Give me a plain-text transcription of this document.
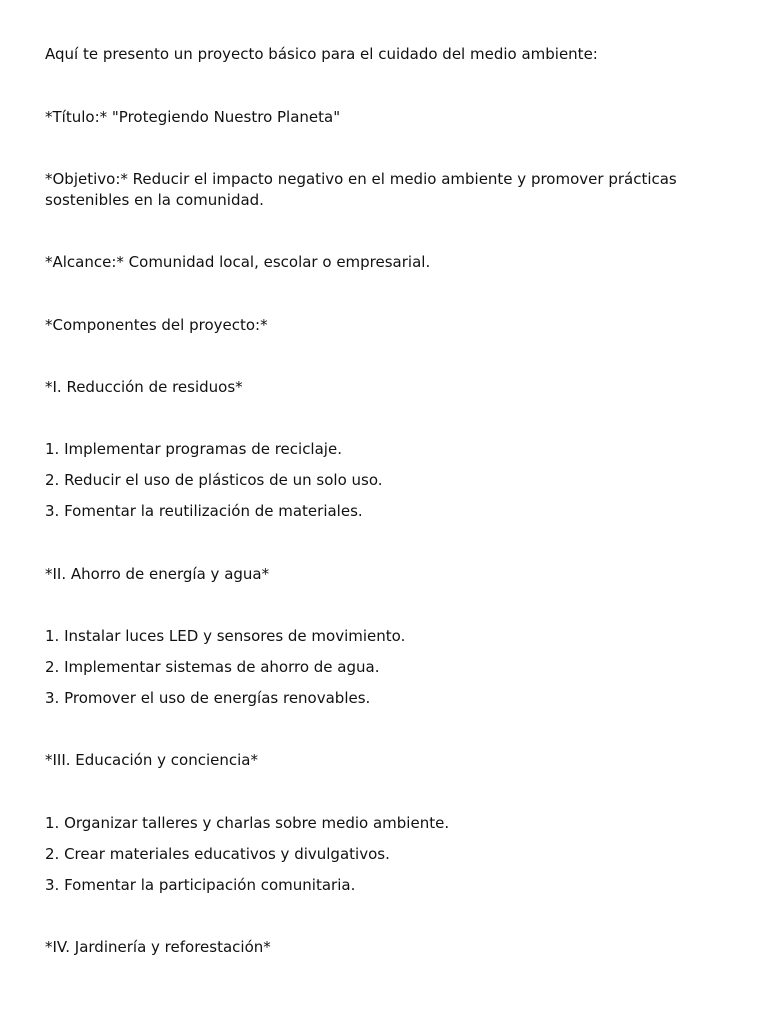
Aquí te presento un proyecto básico para el cuidado del medio ambiente:

*Título:* "Protegiendo Nuestro Planeta"

*Objetivo:* Reducir el impacto negativo en el medio ambiente y promover prácticas sostenibles en la comunidad.

*Alcance:* Comunidad local, escolar o empresarial.

*Componentes del proyecto:*

*I. Reducción de residuos*

1. Implementar programas de reciclaje.

2. Reducir el uso de plásticos de un solo uso.

3. Fomentar la reutilización de materiales.

*II. Ahorro de energía y agua*

1. Instalar luces LED y sensores de movimiento.

2. Implementar sistemas de ahorro de agua.

3. Promover el uso de energías renovables.

*III. Educación y conciencia*

1. Organizar talleres y charlas sobre medio ambiente.

2. Crear materiales educativos y divulgativos.

3. Fomentar la participación comunitaria.

*IV. Jardinería y reforestación*
